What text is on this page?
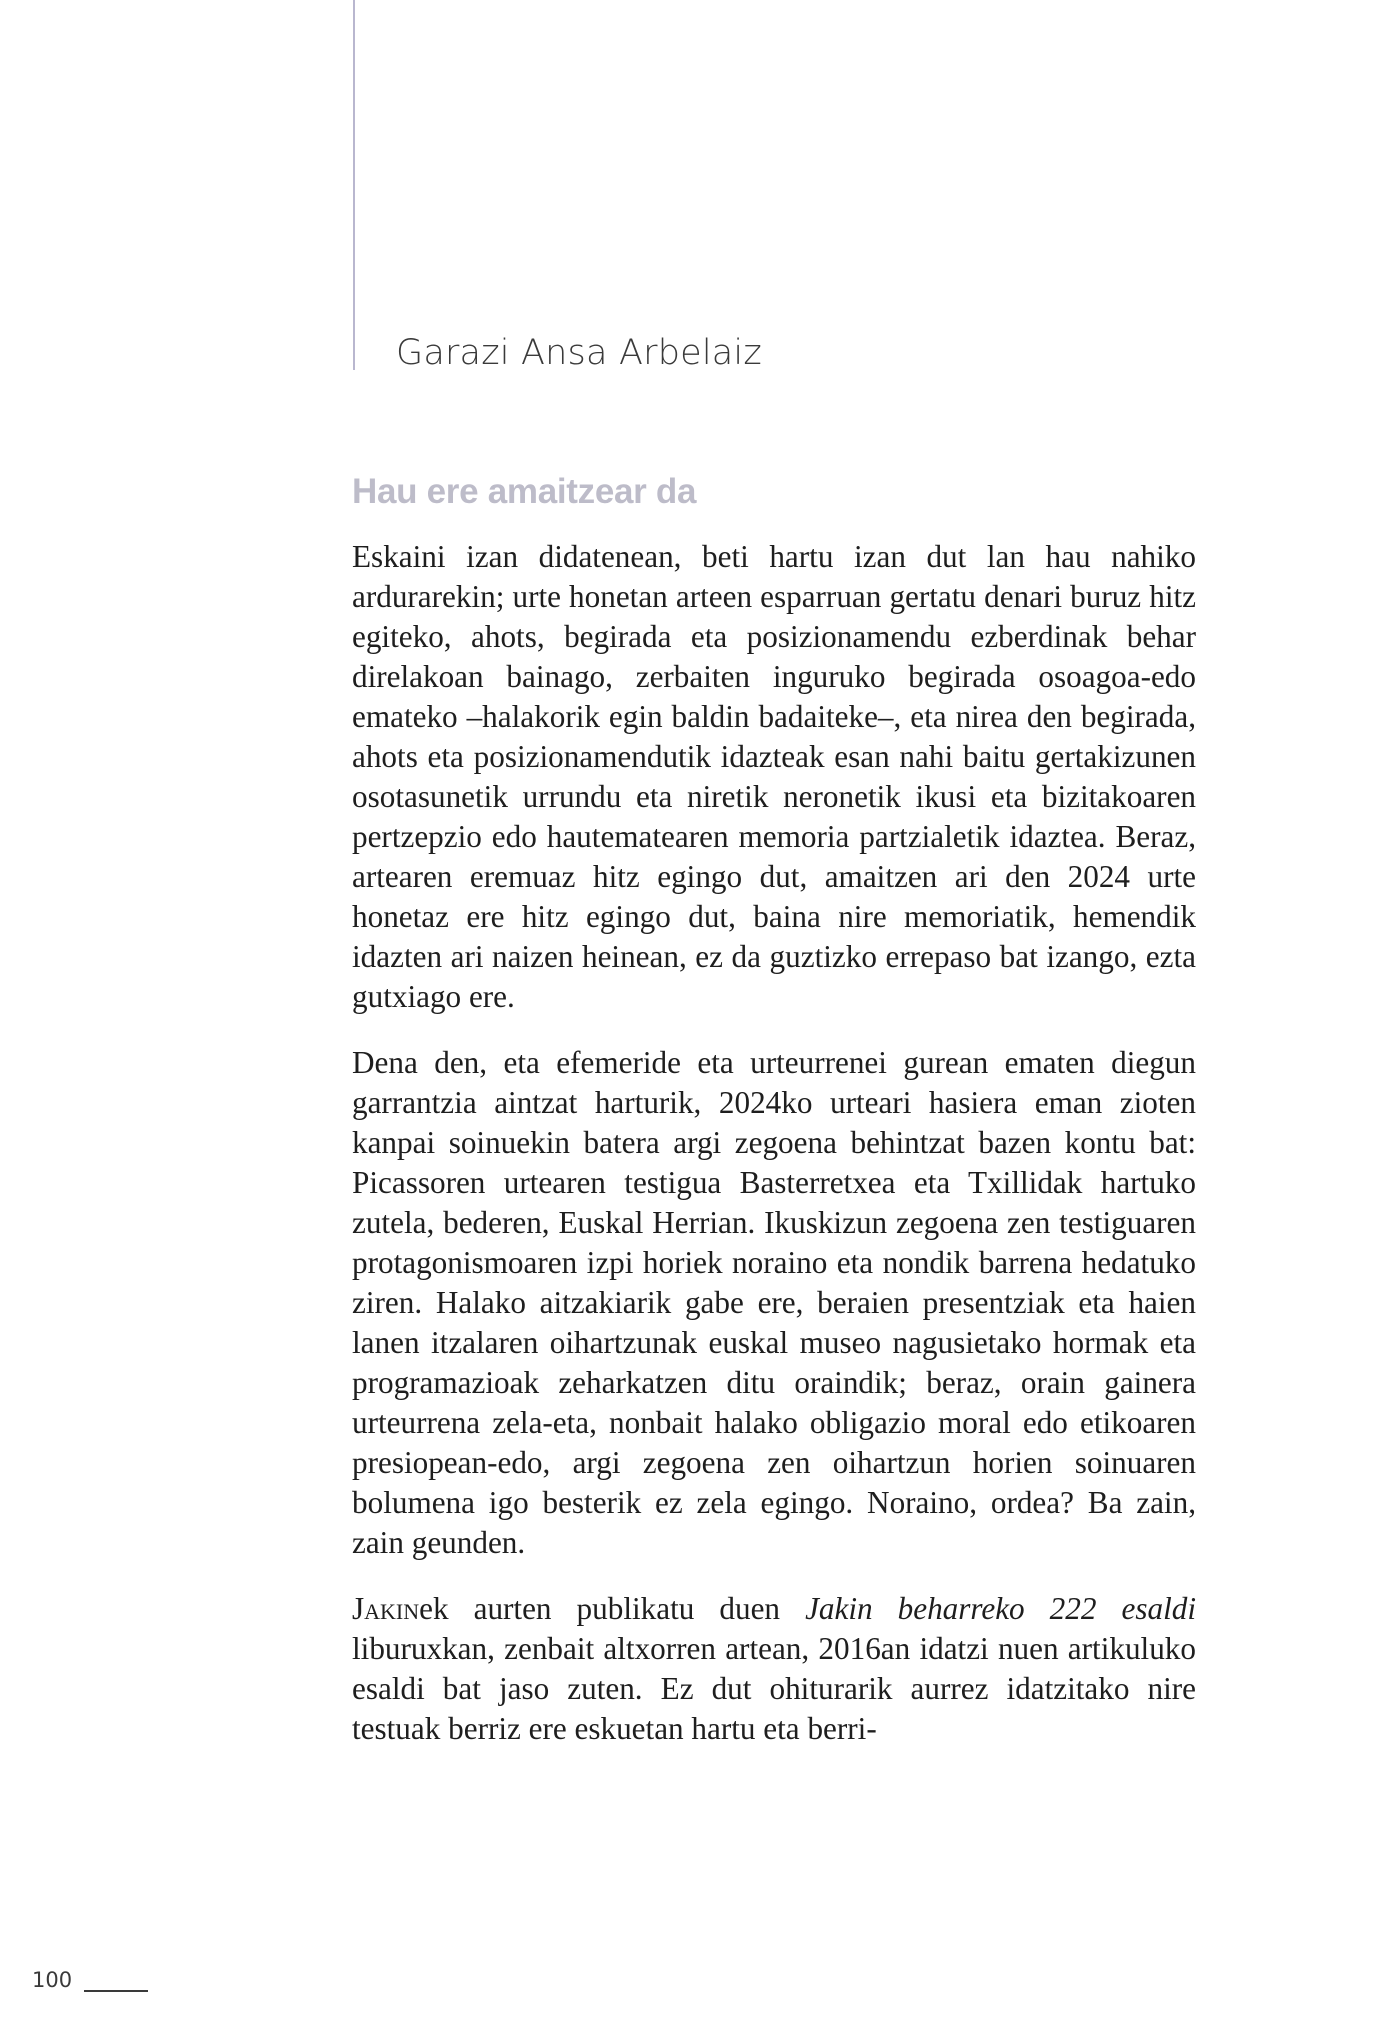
Garazi Ansa Arbelaiz
Hau ere amaitzear da

Eskaini izan didatenean, beti hartu izan dut lan hau nahiko ardurarekin; urte honetan arteen esparruan gertatu denari buruz hitz egiteko, ahots, begirada eta posizionamendu ezberdinak behar direlakoan bainago, zerbaiten inguruko begirada osoagoa-edo emateko –halakorik egin baldin badaiteke–, eta nirea den begirada, ahots eta posizionamendutik idazteak esan nahi baitu gertakizunen osotasunetik urrundu eta niretik neronetik ikusi eta bizitakoaren pertzepzio edo hautematearen memoria partzialetik idaztea. Beraz, artearen eremuaz hitz egingo dut, amaitzen ari den 2024 urte honetaz ere hitz egingo dut, baina nire memoriatik, hemendik idazten ari naizen heinean, ez da guztizko errepaso bat izango, ezta gutxiago ere.

Dena den, eta efemeride eta urteurrenei gurean ematen diegun garrantzia aintzat harturik, 2024ko urteari hasiera eman zioten kanpai soinuekin batera argi zegoena behintzat bazen kontu bat: Picassoren urtearen testigua Basterretxea eta Txillidak hartuko zutela, bederen, Euskal Herrian. Ikuskizun zegoena zen testiguaren protagonismoaren izpi horiek noraino eta nondik barrena hedatuko ziren. Halako aitzakiarik gabe ere, beraien presentziak eta haien lanen itzalaren oihartzunak euskal museo nagusietako hormak eta programazioak zeharkatzen ditu oraindik; beraz, orain gainera urteurrena zela-eta, nonbait halako obligazio moral edo etikoaren presiopean-edo, argi zegoena zen oihartzun horien soinuaren bolumena igo besterik ez zela egingo. Noraino, ordea? Ba zain, zain geunden.

Jakinek aurten publikatu duen Jakin beharreko 222 esaldi liburuxkan, zenbait altxorren artean, 2016an idatzi nuen artikuluko esaldi bat jaso zuten. Ez dut ohiturarik aurrez idatzitako nire testuak berriz ere eskuetan hartu eta berri-

100
